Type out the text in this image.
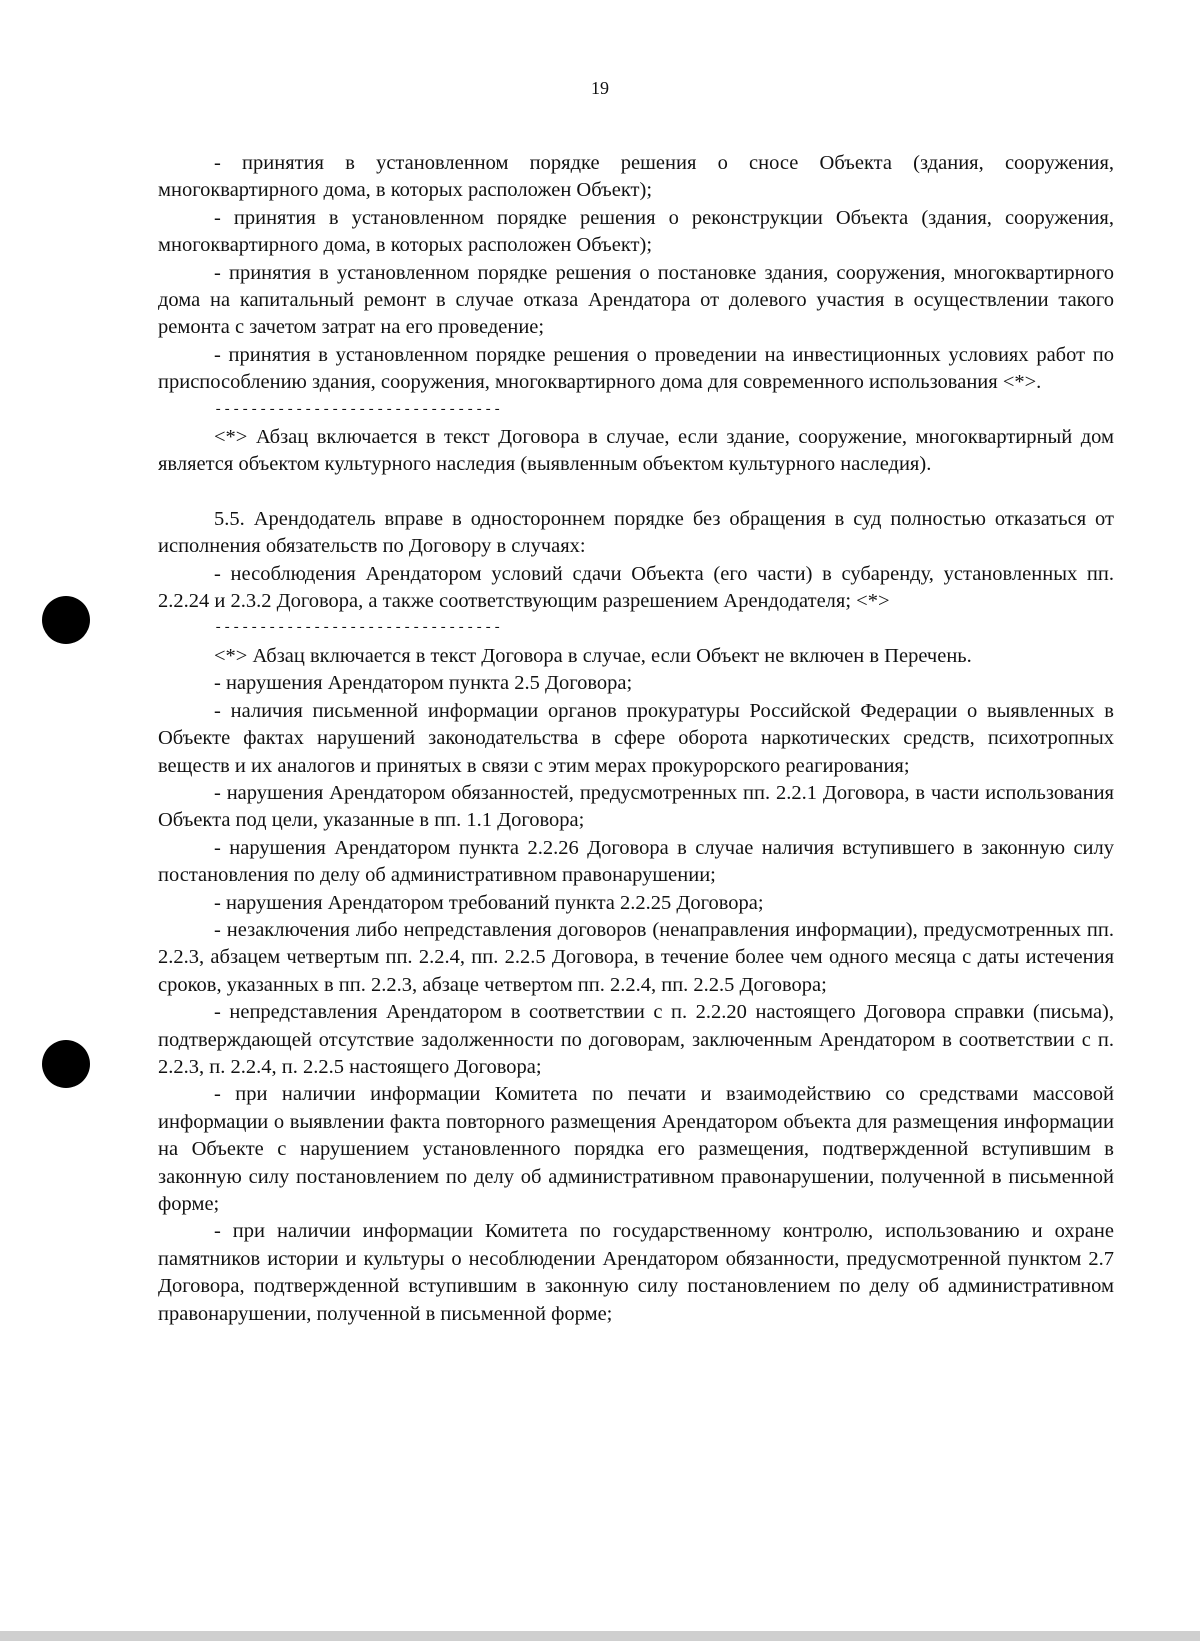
19

- принятия в установленном порядке решения о сносе Объекта (здания, сооружения, многоквартирного дома, в которых расположен Объект);

- принятия в установленном порядке решения о реконструкции Объекта (здания, сооружения, многоквартирного дома, в которых расположен Объект);

- принятия в установленном порядке решения о постановке здания, сооружения, многоквартирного дома на капитальный ремонт в случае отказа Арендатора от долевого участия в осуществлении такого ремонта с зачетом затрат на его проведение;

- принятия в установленном порядке решения о проведении на инвестиционных условиях работ по приспособлению здания, сооружения, многоквартирного дома для современного использования <*>.

--------------------------------

<*> Абзац включается в текст Договора в случае, если здание, сооружение, многоквартирный дом является объектом культурного наследия (выявленным объектом культурного наследия).

5.5. Арендодатель вправе в одностороннем порядке без обращения в суд полностью отказаться от исполнения обязательств по Договору в случаях:

- несоблюдения Арендатором условий сдачи Объекта (его части) в субаренду, установленных пп. 2.2.24 и 2.3.2 Договора, а также соответствующим разрешением Арендодателя; <*>

--------------------------------

<*> Абзац включается в текст Договора в случае, если Объект не включен в Перечень.

- нарушения Арендатором пункта 2.5 Договора;

- наличия письменной информации органов прокуратуры Российской Федерации о выявленных в Объекте фактах нарушений законодательства в сфере оборота наркотических средств, психотропных веществ и их аналогов и принятых в связи с этим мерах прокурорского реагирования;

- нарушения Арендатором обязанностей, предусмотренных пп. 2.2.1 Договора, в части использования Объекта под цели, указанные в пп. 1.1 Договора;

- нарушения Арендатором пункта 2.2.26 Договора в случае наличия вступившего в законную силу постановления по делу об административном правонарушении;

- нарушения Арендатором требований пункта 2.2.25 Договора;

- незаключения либо непредставления договоров (ненаправления информации), предусмотренных пп. 2.2.3, абзацем четвертым пп. 2.2.4, пп. 2.2.5 Договора, в течение более чем одного месяца с даты истечения сроков, указанных в пп. 2.2.3, абзаце четвертом пп. 2.2.4, пп. 2.2.5 Договора;

- непредставления Арендатором в соответствии с п. 2.2.20 настоящего Договора справки (письма), подтверждающей отсутствие задолженности по договорам, заключенным Арендатором в соответствии с п. 2.2.3, п. 2.2.4, п. 2.2.5 настоящего Договора;

- при наличии информации Комитета по печати и взаимодействию со средствами массовой информации о выявлении факта повторного размещения Арендатором объекта для размещения информации на Объекте с нарушением установленного порядка его размещения, подтвержденной вступившим в законную силу постановлением по делу об административном правонарушении, полученной в письменной форме;

- при наличии информации Комитета по государственному контролю, использованию и охране памятников истории и культуры о несоблюдении Арендатором обязанности, предусмотренной пунктом 2.7 Договора, подтвержденной вступившим в законную силу постановлением по делу об административном правонарушении, полученной в письменной форме;
